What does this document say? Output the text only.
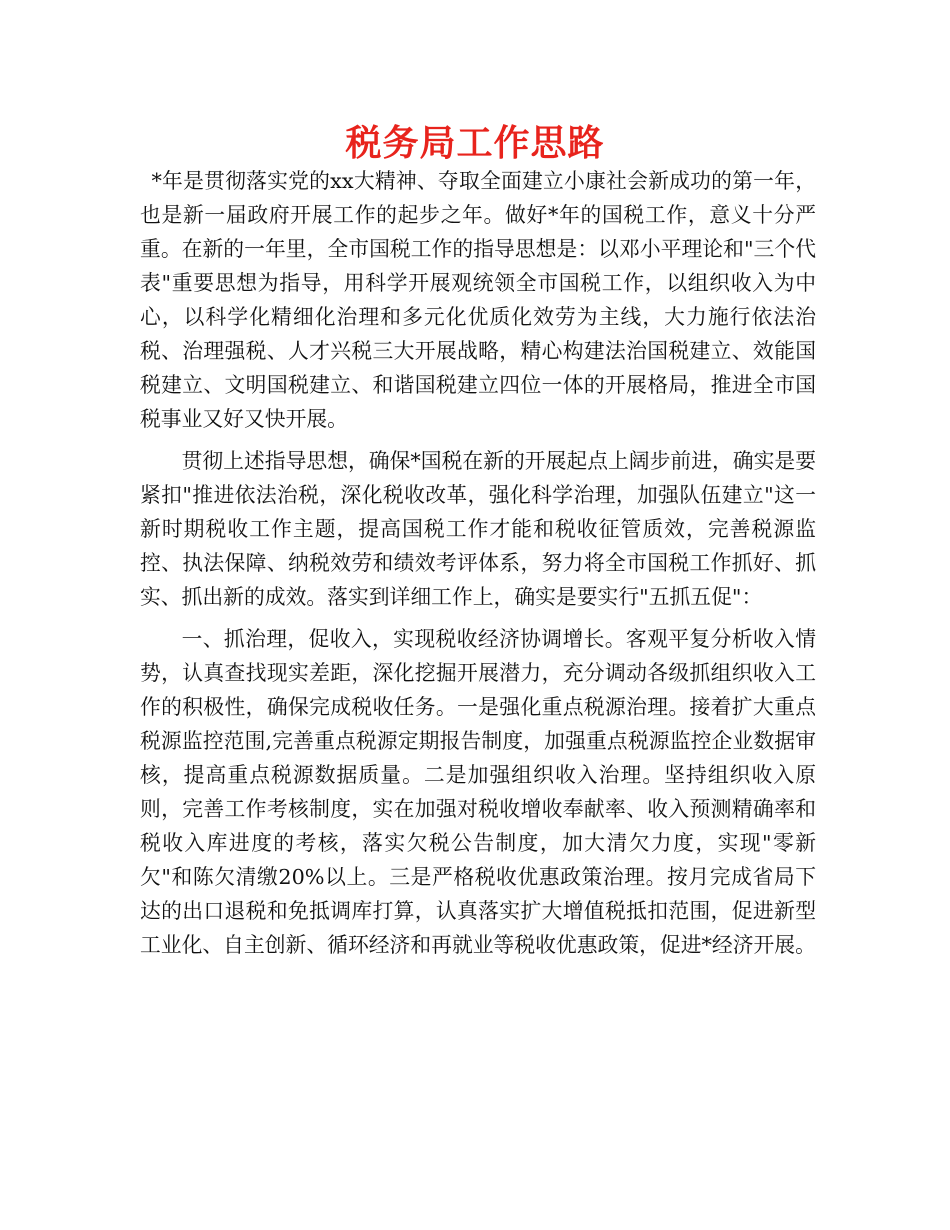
税务局工作思路

*年是贯彻落实党的xx大精神、夺取全面建立小康社会新成功的第一年，也是新一届政府开展工作的起步之年。做好*年的国税工作，意义十分严重。在新的一年里，全市国税工作的指导思想是：以邓小平理论和"三个代表"重要思想为指导，用科学开展观统领全市国税工作，以组织收入为中心，以科学化精细化治理和多元化优质化效劳为主线，大力施行依法治税、治理强税、人才兴税三大开展战略，精心构建法治国税建立、效能国税建立、文明国税建立、和谐国税建立四位一体的开展格局，推进全市国税事业又好又快开展。

贯彻上述指导思想，确保*国税在新的开展起点上阔步前进，确实是要紧扣"推进依法治税，深化税收改革，强化科学治理，加强队伍建立"这一新时期税收工作主题，提高国税工作才能和税收征管质效，完善税源监控、执法保障、纳税效劳和绩效考评体系，努力将全市国税工作抓好、抓实、抓出新的成效。落实到详细工作上，确实是要实行"五抓五促"：

一、抓治理，促收入，实现税收经济协调增长。客观平复分析收入情势，认真查找现实差距，深化挖掘开展潜力，充分调动各级抓组织收入工作的积极性，确保完成税收任务。一是强化重点税源治理。接着扩大重点税源监控范围,完善重点税源定期报告制度，加强重点税源监控企业数据审核，提高重点税源数据质量。二是加强组织收入治理。坚持组织收入原则，完善工作考核制度，实在加强对税收增收奉献率、收入预测精确率和税收入库进度的考核，落实欠税公告制度，加大清欠力度，实现"零新欠"和陈欠清缴20%以上。三是严格税收优惠政策治理。按月完成省局下达的出口退税和免抵调库打算，认真落实扩大增值税抵扣范围，促进新型工业化、自主创新、循环经济和再就业等税收优惠政策，促进*经济开展。
